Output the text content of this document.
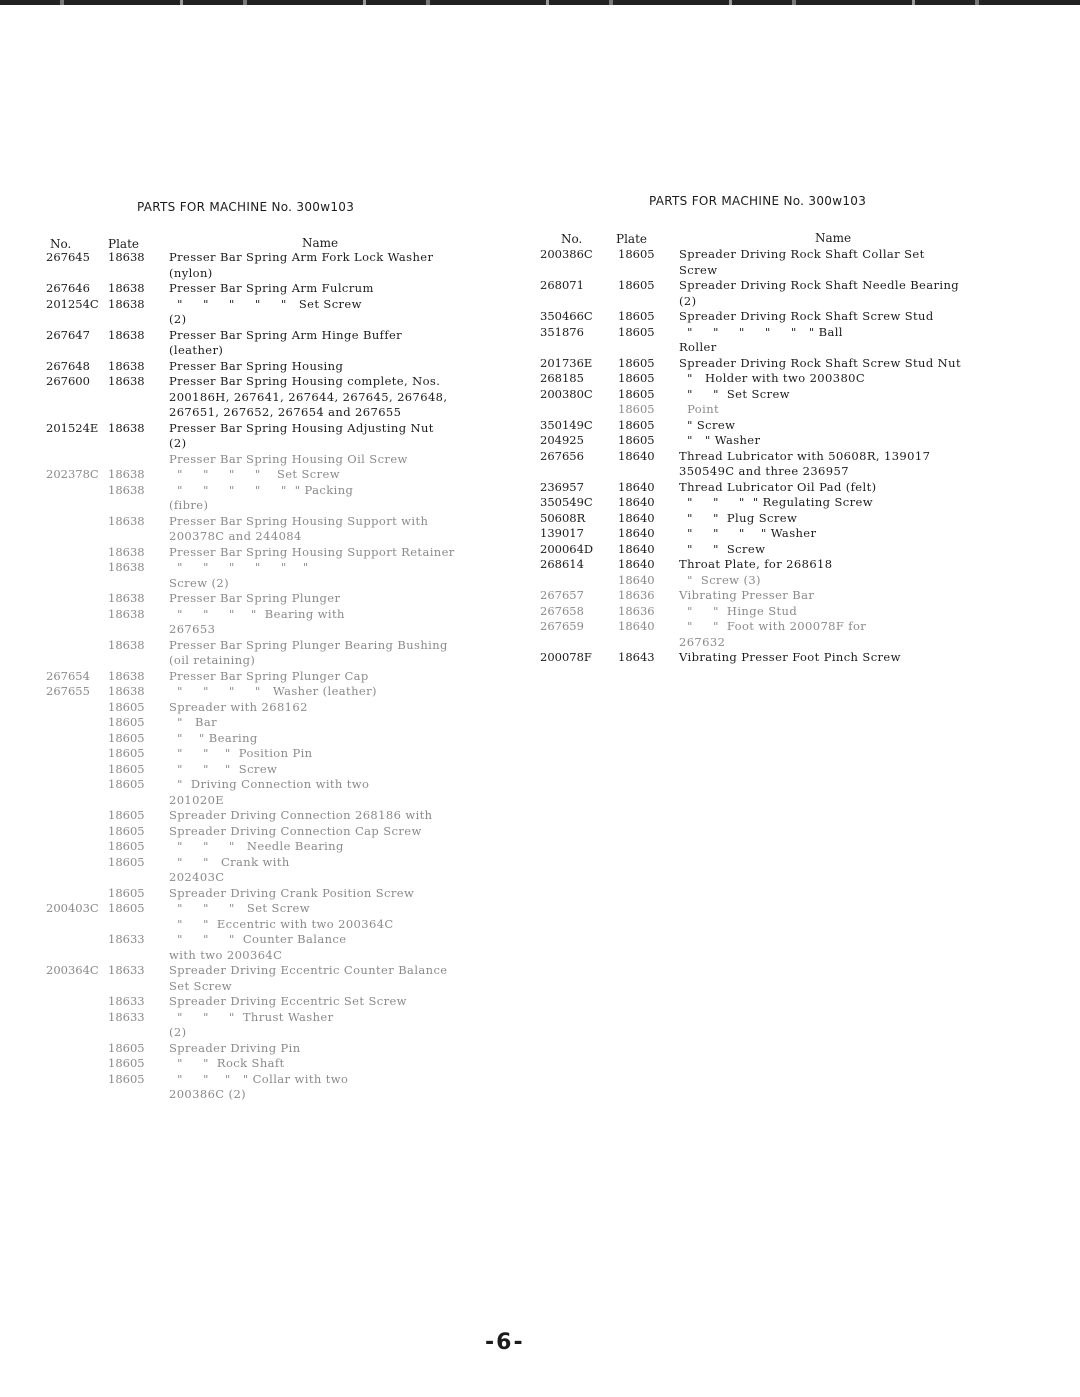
PARTS FOR MACHINE No. 300w103
No.	Plate	Name
267645	18638	Presser Bar Spring Arm Fork Lock Washer
(nylon)
267646	18638	Presser Bar Spring Arm Fulcrum
201254C 18638	"     "     "     "     "   Set Screw
(2)
267647	18638	Presser Bar Spring Arm Hinge Buffer
(leather)
267648	18638	Presser Bar Spring Housing
267600	18638	Presser Bar Spring Housing complete, Nos.
200186H, 267641, 267644, 267645, 267648,
267651, 267652, 267654 and 267655
201524E 18638	Presser Bar Spring Housing Adjusting Nut
(2)
Presser Bar Spring Housing Oil Screw
202378C 18638	"     "     "     "    Set Screw
18638	"     "     "     "     "  " Packing
(fibre)
18638	Presser Bar Spring Housing Support with
200378C and 244084
18638	Presser Bar Spring Housing Support Retainer
18638	"     "     "     "     "    "
Screw (2)
18638	Presser Bar Spring Plunger
18638	"     "     "    "  Bearing with
267653
18638	Presser Bar Spring Plunger Bearing Bushing
(oil retaining)
267654	18638	Presser Bar Spring Plunger Cap
267655	18638	"     "     "     "   Washer (leather)
18605	Spreader with 268162
18605	"   Bar
18605	"    " Bearing
18605	"     "    "  Position Pin
18605	"     "    "  Screw
18605	"  Driving Connection with two
201020E
18605	Spreader Driving Connection 268186 with
18605	Spreader Driving Connection Cap Screw
18605	"     "     "   Needle Bearing
18605	"     "   Crank with
202403C
18605	Spreader Driving Crank Position Screw
200403C 18605	"     "     "   Set Screw
"     "  Eccentric with two 200364C
18633	"     "     "  Counter Balance
with two 200364C
200364C 18633	Spreader Driving Eccentric Counter Balance
Set Screw
18633	Spreader Driving Eccentric Set Screw
18633	"     "     "  Thrust Washer
(2)
18605	Spreader Driving Pin
18605	"     "  Rock Shaft
18605	"     "    "   " Collar with two
200386C (2)
PARTS FOR MACHINE No. 300w103
No.	Plate	Name
200386C	18605	Spreader Driving Rock Shaft Collar Set
Screw
268071	18605	Spreader Driving Rock Shaft Needle Bearing
(2)
350466C	18605	Spreader Driving Rock Shaft Screw Stud
351876	18605	"     "     "     "     "   " Ball
Roller
201736E	18605	Spreader Driving Rock Shaft Screw Stud Nut
268185	18605	"   Holder with two 200380C
200380C	18605	"     "  Set Screw
18605	Point
350149C	18605	" Screw
204925	18605	"   " Washer
267656	18640	Thread Lubricator with 50608R, 139017
350549C and three 236957
236957	18640	Thread Lubricator Oil Pad (felt)
350549C	18640	"     "     "  " Regulating Screw
50608R	18640	"     "  Plug Screw
139017	18640	"     "     "    " Washer
200064D	18640	"     "  Screw
268614	18640	Throat Plate, for 268618
18640	"  Screw (3)
267657	18636	Vibrating Presser Bar
267658	18636	"     "  Hinge Stud
267659	18640	"     "  Foot with 200078F for
267632
200078F	18643	Vibrating Presser Foot Pinch Screw
-6-
